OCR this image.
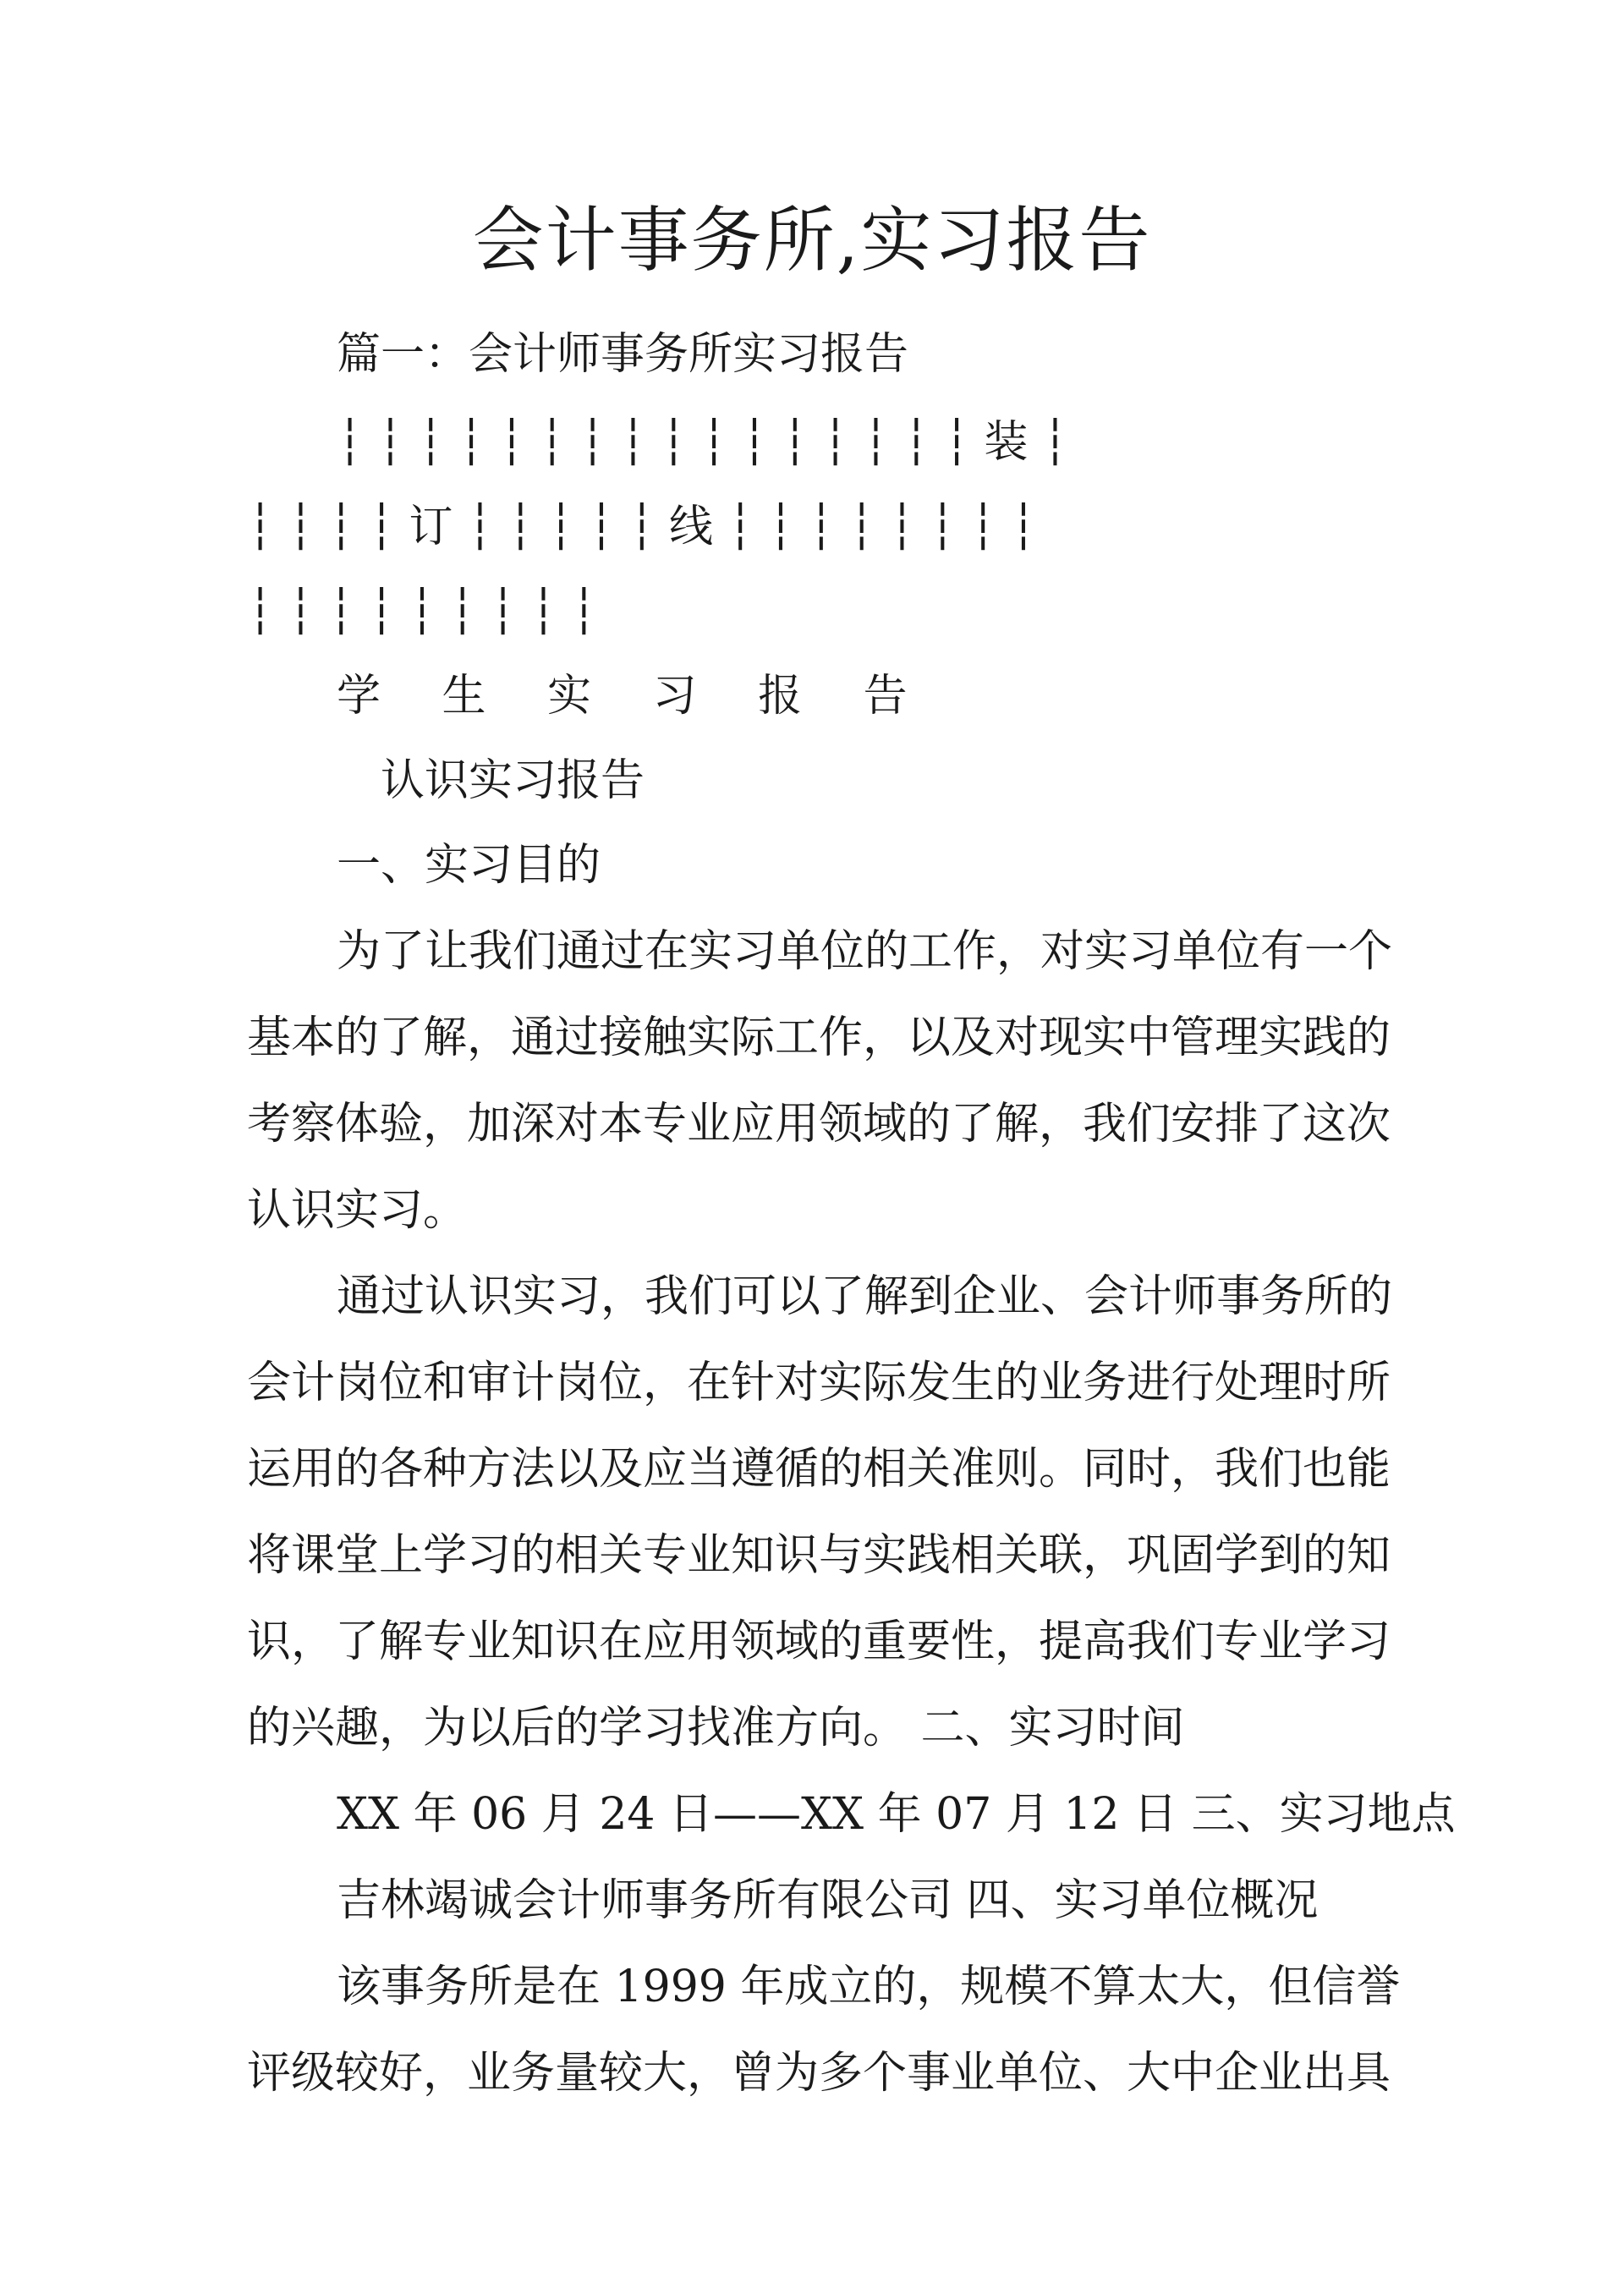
会计事务所,实习报告

篇一：会计师事务所实习报告

┆ ┆ ┆ ┆ ┆ ┆ ┆ ┆ ┆ ┆ ┆ ┆ ┆ ┆ ┆ ┆ 装 ┆
┆ ┆ ┆ ┆ 订 ┆ ┆ ┆ ┆ ┆ 线 ┆ ┆ ┆ ┆ ┆ ┆ ┆ ┆
┆ ┆ ┆ ┆ ┆ ┆ ┆ ┆ ┆

学 生 实 习 报 告

认识实习报告

一、实习目的

为了让我们通过在实习单位的工作，对实习单位有一个

基本的了解，通过接触实际工作，以及对现实中管理实践的

考察体验，加深对本专业应用领域的了解，我们安排了这次

认识实习。

通过认识实习，我们可以了解到企业、会计师事务所的

会计岗位和审计岗位，在针对实际发生的业务进行处理时所

运用的各种方法以及应当遵循的相关准则。同时，我们也能

将课堂上学习的相关专业知识与实践相关联，巩固学到的知

识，了解专业知识在应用领域的重要性，提高我们专业学习

的兴趣，为以后的学习找准方向。 二、实习时间

XX 年 06 月 24 日——XX 年 07 月 12 日 三、实习地点

吉林竭诚会计师事务所有限公司 四、实习单位概况

该事务所是在 1999 年成立的，规模不算太大，但信誉

评级较好，业务量较大，曾为多个事业单位、大中企业出具
